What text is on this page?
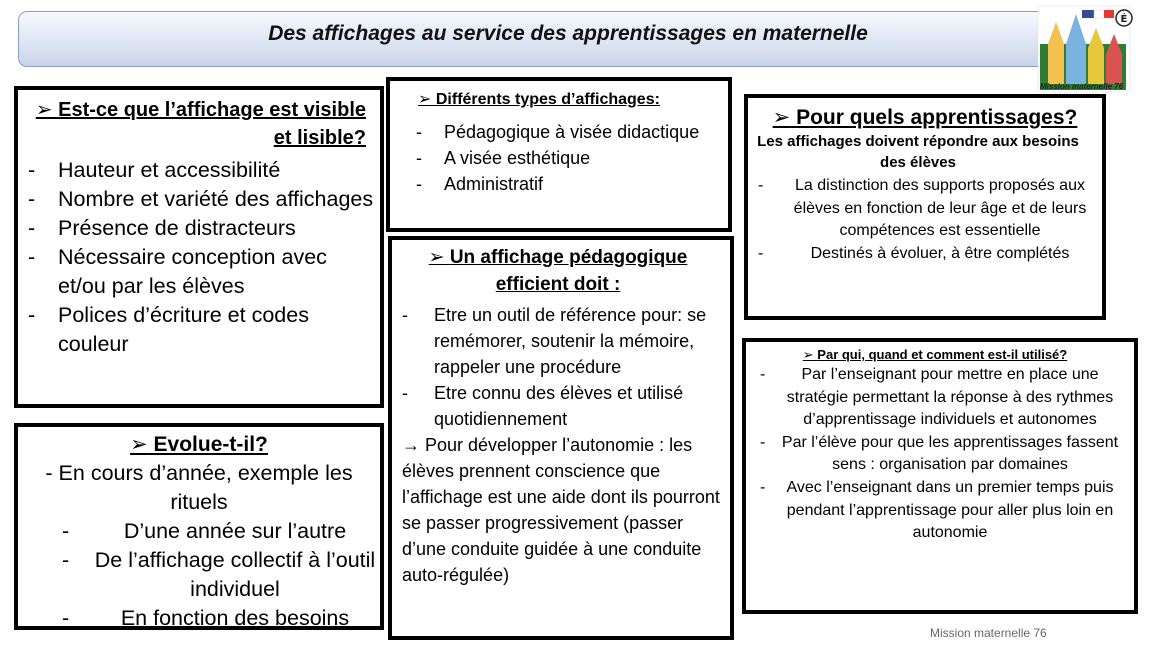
Des affichages au service des apprentissages en maternelle
É
Mission maternelle 76
➢ Est-ce que l’affichage est visible et lisible?
- Hauteur et accessibilité
- Nombre et variété des affichages
- Présence de distracteurs
- Nécessaire conception avec et/ou par les élèves
- Polices d’écriture et codes couleur
➢ Différents types d’affichages:
- Pédagogique à visée didactique
- A visée esthétique
- Administratif
➢ Un affichage pédagogique efficient doit :
- Etre un outil de référence pour: se remémorer, soutenir la mémoire, rappeler une procédure
- Etre connu des élèves et utilisé quotidiennement
→ Pour développer l’autonomie : les élèves prennent conscience que l’affichage est une aide dont ils pourront se passer progressivement (passer d’une conduite guidée à une conduite auto-régulée)
➢ Pour quels apprentissages?
Les affichages doivent répondre aux besoins des élèves
- La distinction des supports proposés aux élèves en fonction de leur âge et de leurs compétences est essentielle
-	Destinés à évoluer, à être complétés
➢ Par qui, quand et comment est-il utilisé?
- Par l’enseignant pour mettre en place une stratégie permettant la réponse à des rythmes d’apprentissage individuels et autonomes
- Par l’élève pour que les apprentissages fassent sens : organisation par domaines
- Avec l’enseignant dans un premier temps puis pendant l’apprentissage pour aller plus loin en autonomie
➢ Evolue-t-il?
- En cours d’année, exemple les rituels
-	D’une année sur l’autre
- De l’affichage collectif à l’outil individuel
- En fonction des besoins
Mission maternelle 76
